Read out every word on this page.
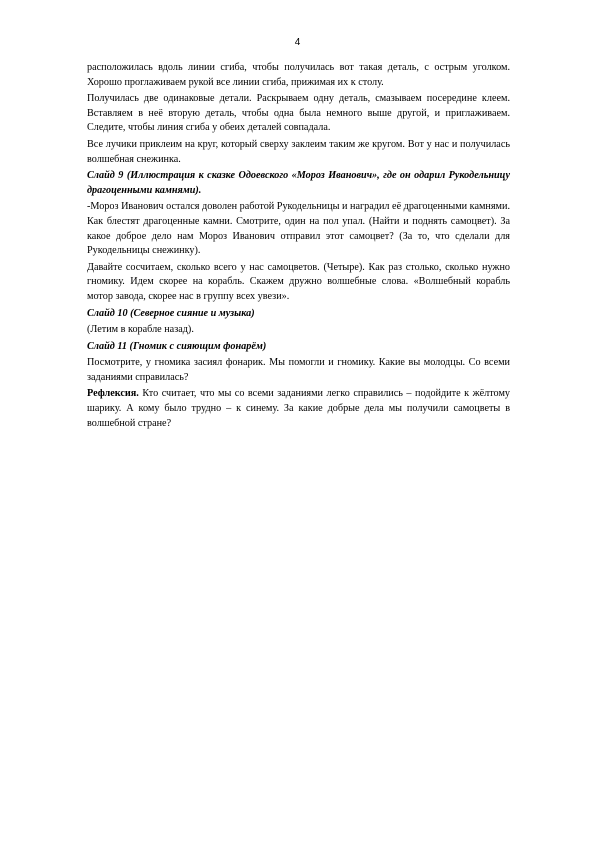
4

расположилась вдоль линии сгиба, чтобы получилась вот такая деталь, с острым уголком. Хорошо проглаживаем рукой все линии сгиба, прижимая их к столу.

Получилась две одинаковые детали. Раскрываем одну деталь, смазываем посередине клеем. Вставляем в неё вторую деталь, чтобы одна была немного выше другой, и приглаживаем. Следите, чтобы линия сгиба у обеих деталей совпадала.

Все лучики приклеим на круг, который сверху заклеим таким же кругом. Вот у нас и получилась волшебная снежинка.

Слайд 9 (Иллюстрация к сказке Одоевского «Мороз Иванович», где он одарил Рукодельницу драгоценными камнями).

-Мороз Иванович остался доволен работой Рукодельницы и наградил её драгоценными камнями. Как блестят драгоценные камни. Смотрите, один на пол упал. (Найти и поднять самоцвет). За какое доброе дело нам Мороз Иванович отправил этот самоцвет? (За то, что сделали для Рукодельницы снежинку).

Давайте сосчитаем, сколько всего у нас самоцветов. (Четыре). Как раз столько, сколько нужно гномику. Идем скорее на корабль. Скажем дружно волшебные слова. «Волшебный корабль мотор завода, скорее нас в группу всех увези».

Слайд 10 (Северное сияние и музыка)

(Летим в корабле назад).

Слайд 11 (Гномик с сияющим фонарём)

Посмотрите, у гномика засиял фонарик. Мы помогли и гномику. Какие вы молодцы. Со всеми заданиями справилась?

Рефлексия. Кто считает, что мы со всеми заданиями легко справились – подойдите к жёлтому шарику. А кому было трудно – к синему. За какие добрые дела мы получили самоцветы в волшебной стране?
